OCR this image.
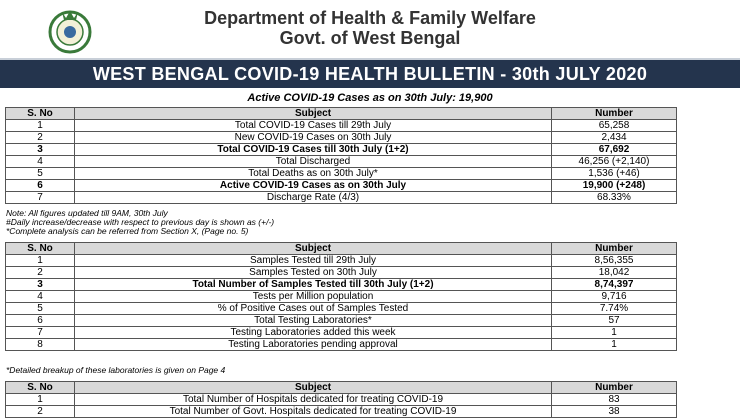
Department of Health & Family Welfare
Govt. of West Bengal
WEST BENGAL COVID-19 HEALTH BULLETIN - 30th JULY 2020
Active COVID-19 Cases as on 30th July: 19,900
S. No	Subject	Number
1	Total COVID-19 Cases till 29th July	65,258
2	New COVID-19 Cases on 30th July	2,434
3	Total COVID-19 Cases till 30th July (1+2)	67,692
4	Total Discharged	46,256 (+2,140)
5	Total Deaths as on 30th July*	1,536 (+46)
6	Active COVID-19 Cases as on 30th July	19,900 (+248)
7	Discharge Rate (4/3)	68.33%
Note: All figures updated till 9AM, 30th July
#Daily increase/decrease with respect to previous day is shown as (+/-)
*Complete analysis can be referred from Section X, (Page no. 5)
S. No	Subject	Number
1	Samples Tested till 29th July	8,56,355
2	Samples Tested on 30th July	18,042
3	Total Number of Samples Tested till 30th July (1+2)	8,74,397
4	Tests per Million population	9,716
5	% of Positive Cases out of Samples Tested	7.74%
6	Total Testing Laboratories*	57
7	Testing Laboratories added this week	1
8	Testing Laboratories pending approval	1
*Detailed breakup of these laboratories is given on Page 4
S. No	Subject	Number
1	Total Number of Hospitals dedicated for treating COVID-19	83
2	Total Number of Govt. Hospitals dedicated for treating COVID-19	38
